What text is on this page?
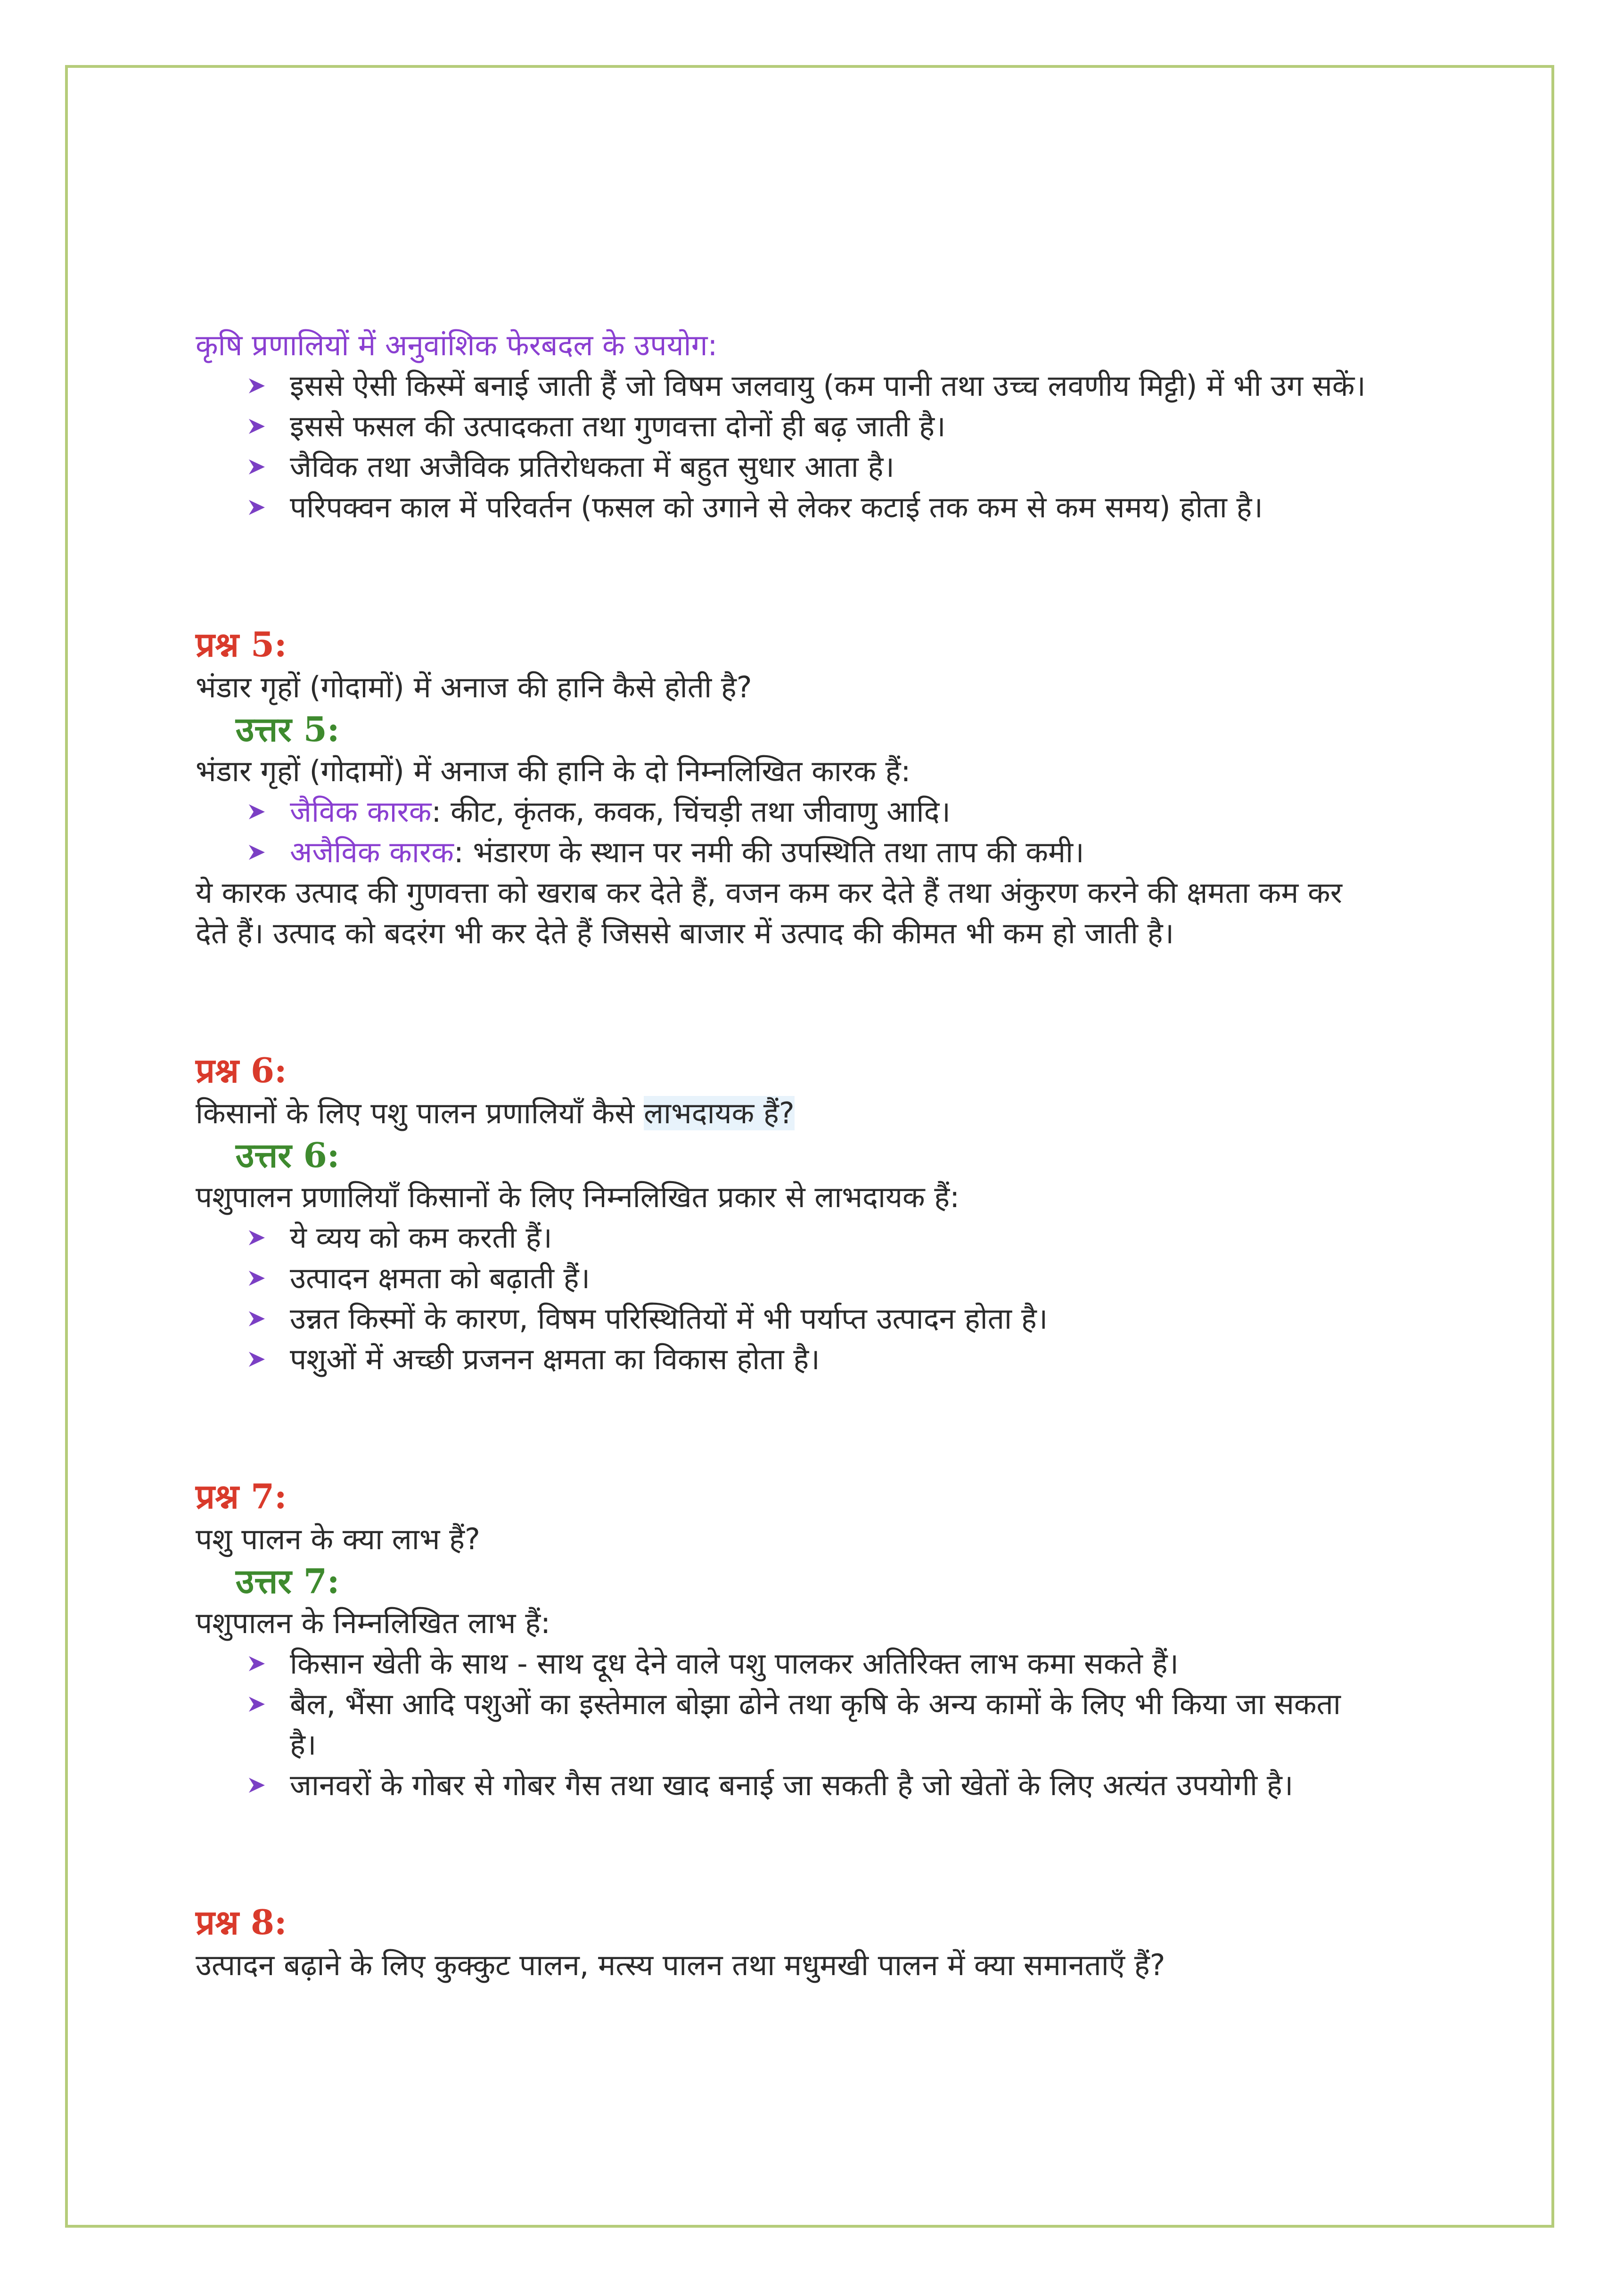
कृषि प्रणालियों में अनुवांशिक फेरबदल के उपयोग:
इससे ऐसी किस्में बनाई जाती हैं जो विषम जलवायु (कम पानी तथा उच्च लवणीय मिट्टी) में भी उग सकें।
इससे फसल की उत्पादकता तथा गुणवत्ता दोनों ही बढ़ जाती है।
जैविक तथा अजैविक प्रतिरोधकता में बहुत सुधार आता है।
परिपक्वन काल में परिवर्तन (फसल को उगाने से लेकर कटाई तक कम से कम समय) होता है।
प्रश्न 5:
भंडार गृहों (गोदामों) में अनाज की हानि कैसे होती है?
उत्तर 5:
भंडार गृहों (गोदामों) में अनाज की हानि के दो निम्नलिखित कारक हैं:
जैविक कारक: कीट, कृंतक, कवक, चिंचड़ी तथा जीवाणु आदि।
अजैविक कारक: भंडारण के स्थान पर नमी की उपस्थिति तथा ताप की कमी।
ये कारक उत्पाद की गुणवत्ता को खराब कर देते हैं, वजन कम कर देते हैं तथा अंकुरण करने की क्षमता कम कर
देते हैं। उत्पाद को बदरंग भी कर देते हैं जिससे बाजार में उत्पाद की कीमत भी कम हो जाती है।
प्रश्न 6:
किसानों के लिए पशु पालन प्रणालियाँ कैसे लाभदायक हैं?
उत्तर 6:
पशुपालन प्रणालियाँ किसानों के लिए निम्नलिखित प्रकार से लाभदायक हैं:
ये व्यय को कम करती हैं।
उत्पादन क्षमता को बढ़ाती हैं।
उन्नत किस्मों के कारण, विषम परिस्थितियों में भी पर्याप्त उत्पादन होता है।
पशुओं में अच्छी प्रजनन क्षमता का विकास होता है।
प्रश्न 7:
पशु पालन के क्या लाभ हैं?
उत्तर 7:
पशुपालन के निम्नलिखित लाभ हैं:
किसान खेती के साथ - साथ दूध देने वाले पशु पालकर अतिरिक्त लाभ कमा सकते हैं।
बैल, भैंसा आदि पशुओं का इस्तेमाल बोझा ढोने तथा कृषि के अन्य कामों के लिए भी किया जा सकता
है।
जानवरों के गोबर से गोबर गैस तथा खाद बनाई जा सकती है जो खेतों के लिए अत्यंत उपयोगी है।
प्रश्न 8:
उत्पादन बढ़ाने के लिए कुक्कुट पालन, मत्स्य पालन तथा मधुमखी पालन में क्या समानताएँ हैं?
